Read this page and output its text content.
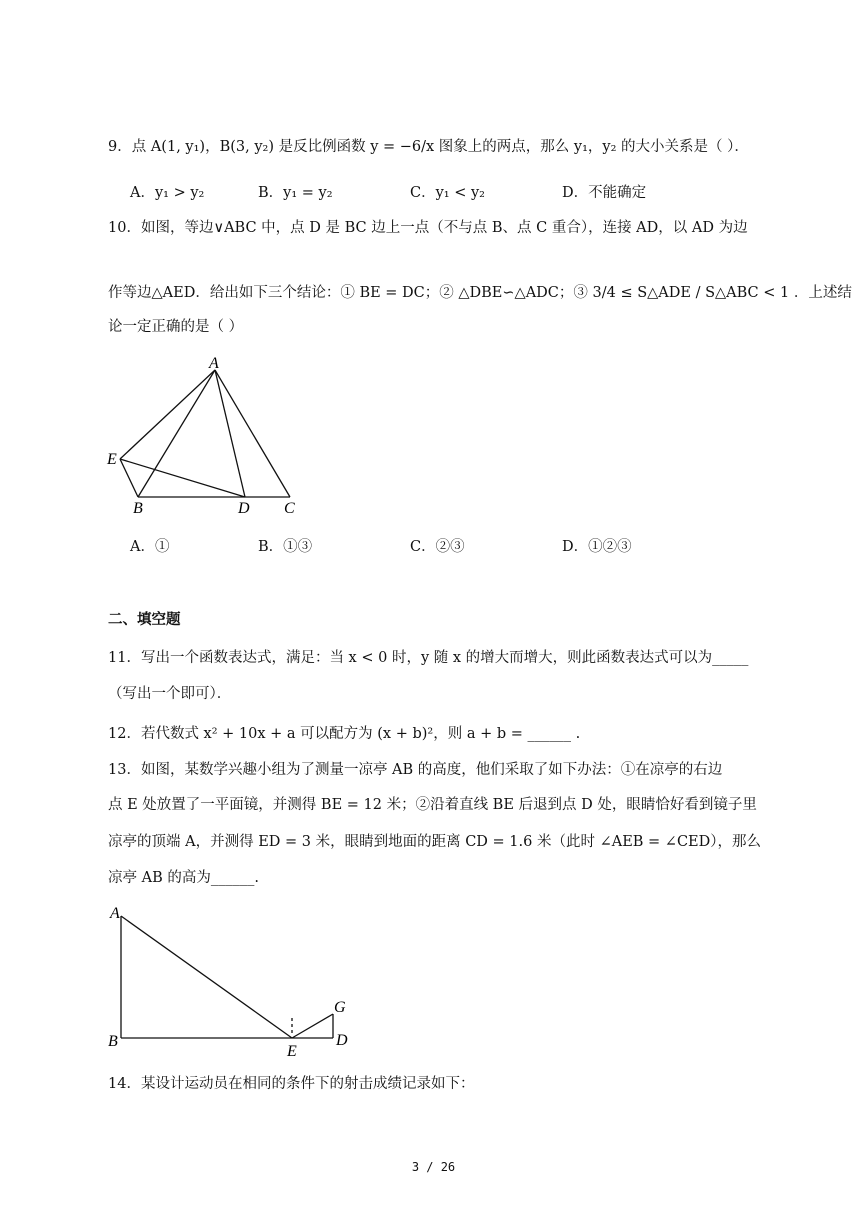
9．点 A(1, y₁)，B(3, y₂) 是反比例函数 y = −6/x 图象上的两点，那么 y₁，y₂ 的大小关系是（ ）．
A．y₁ > y₂	B．y₁ = y₂	C．y₁ < y₂	D．不能确定
10．如图，等边∨ABC 中，点 D 是 BC 边上一点（不与点 B、点 C 重合），连接 AD，以 AD 为边
作等边△AED．给出如下三个结论：① BE = DC；② △DBE∽△ADC；③ 3/4 ≤ S△ADE / S△ABC < 1 ．上述结
论一定正确的是（ ）
A
E
B	D C
A．①	B．①③	C．②③	D．①②③
二、填空题
11．写出一个函数表达式，满足：当 x < 0 时，y 随 x 的增大而增大，则此函数表达式可以为_____
（写出一个即可）．
12．若代数式 x² + 10x + a 可以配方为 (x + b)²，则 a + b = ______ .
13．如图，某数学兴趣小组为了测量一凉亭 AB 的高度，他们采取了如下办法：①在凉亭的右边
点 E 处放置了一平面镜，并测得 BE = 12 米；②沿着直线 BE 后退到点 D 处，眼睛恰好看到镜子里
凉亭的顶端 A，并测得 ED = 3 米，眼睛到地面的距离 CD = 1.6 米（此时 ∠AEB = ∠CED），那么
凉亭 AB 的高为______.
A
B
E
G
D
14．某设计运动员在相同的条件下的射击成绩记录如下：
3 / 26
